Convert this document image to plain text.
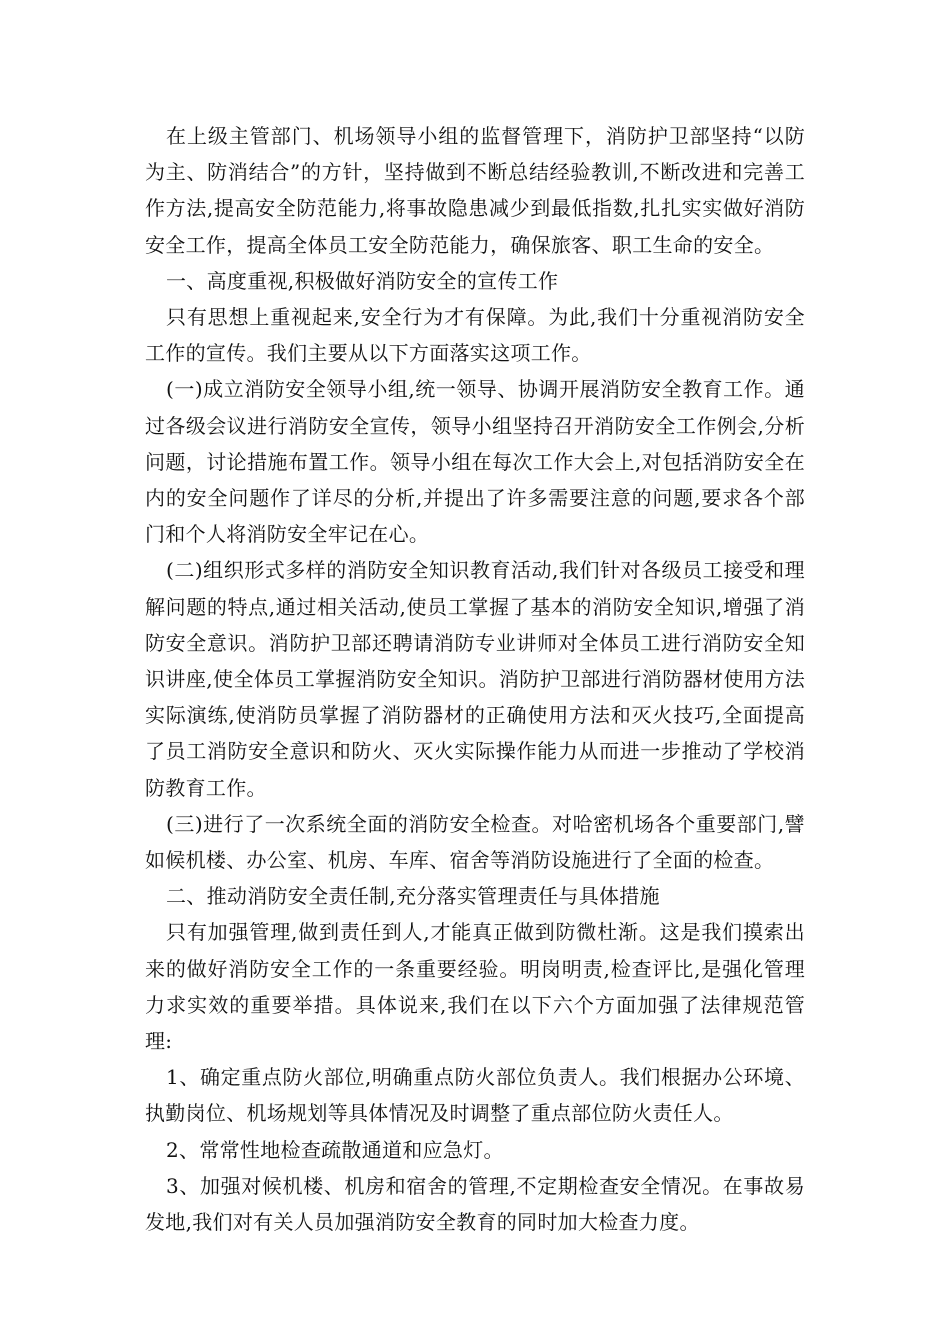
在上级主管部门、机场领导小组的监督管理下，消防护卫部坚持“以防为主、防消结合”的方针，坚持做到不断总结经验教训,不断改进和完善工作方法,提高安全防范能力,将事故隐患减少到最低指数,扎扎实实做好消防安全工作，提高全体员工安全防范能力，确保旅客、职工生命的安全。

一、高度重视,积极做好消防安全的宣传工作

只有思想上重视起来,安全行为才有保障。为此,我们十分重视消防安全工作的宣传。我们主要从以下方面落实这项工作。

(一)成立消防安全领导小组,统一领导、协调开展消防安全教育工作。通过各级会议进行消防安全宣传，领导小组坚持召开消防安全工作例会,分析问题，讨论措施布置工作。领导小组在每次工作大会上,对包括消防安全在内的安全问题作了详尽的分析,并提出了许多需要注意的问题,要求各个部门和个人将消防安全牢记在心。

(二)组织形式多样的消防安全知识教育活动,我们针对各级员工接受和理解问题的特点,通过相关活动,使员工掌握了基本的消防安全知识,增强了消防安全意识。消防护卫部还聘请消防专业讲师对全体员工进行消防安全知识讲座,使全体员工掌握消防安全知识。消防护卫部进行消防器材使用方法实际演练,使消防员掌握了消防器材的正确使用方法和灭火技巧,全面提高了员工消防安全意识和防火、灭火实际操作能力从而进一步推动了学校消防教育工作。

(三)进行了一次系统全面的消防安全检查。对哈密机场各个重要部门,譬如候机楼、办公室、机房、车库、宿舍等消防设施进行了全面的检查。

二、推动消防安全责任制,充分落实管理责任与具体措施

只有加强管理,做到责任到人,才能真正做到防微杜渐。这是我们摸索出来的做好消防安全工作的一条重要经验。明岗明责,检查评比,是强化管理力求实效的重要举措。具体说来,我们在以下六个方面加强了法律规范管理:

1、确定重点防火部位,明确重点防火部位负责人。我们根据办公环境、执勤岗位、机场规划等具体情况及时调整了重点部位防火责任人。

2、常常性地检查疏散通道和应急灯。

3、加强对候机楼、机房和宿舍的管理,不定期检查安全情况。在事故易发地,我们对有关人员加强消防安全教育的同时加大检查力度。
